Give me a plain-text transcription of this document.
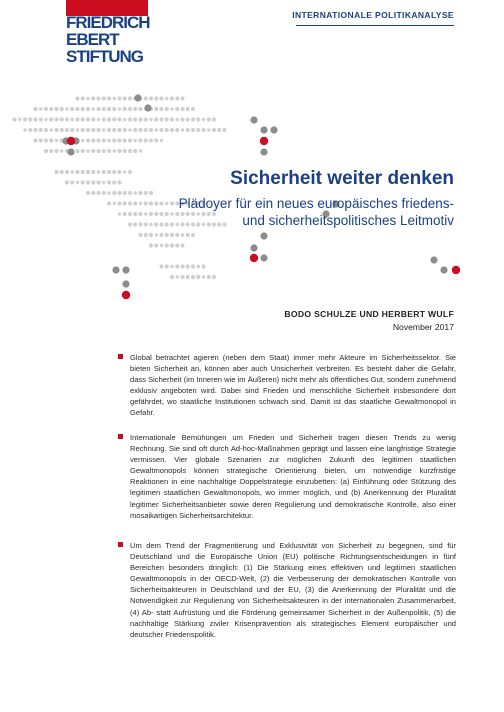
FRIEDRICH
EBERT
STIFTUNG
INTERNATIONALE POLITIKANALYSE
Sicherheit weiter denken
Plädoyer für ein neues europäisches friedens-
und sicherheitspolitisches Leitmotiv
BODO SCHULZE UND HERBERT WULF
November 2017

Global betrachtet agieren (neben dem Staat) immer mehr Akteure im Sicherheitssektor. Sie bieten Sicherheit an, können aber auch Unsicherheit verbreiten. Es besteht daher die Gefahr, dass Sicherheit (im Inneren wie im Äußeren) nicht mehr als öffentliches Gut, sondern zunehmend exklusiv angeboten wird. Dabei sind Frieden und menschliche Sicherheit insbesondere dort gefährdet, wo staatliche Institutionen schwach sind. Damit ist das staatliche Gewaltmonopol in Gefahr.

Internationale Bemühungen um Frieden und Sicherheit tragen diesen Trends zu wenig Rechnung. Sie sind oft durch Ad-hoc-Maßnahmen geprägt und lassen eine langfristige Strategie vermissen. Vier globale Szenarien zur möglichen Zukunft des legitimen staatlichen Gewaltmonopols können strategische Orientierung bieten, um notwendige kurzfristige Reaktionen in eine nachhaltige Doppelstrategie einzubetten: (a) Einführung oder Stützung des legitimen staatlichen Gewaltmonopols, wo immer möglich, und (b) Anerkennung der Pluralität legitimer Sicherheitsanbieter sowie deren Regulierung und demokratische Kontrolle, also einer mosaikartigen Sicherheitsarchitektur.

Um dem Trend der Fragmentierung und Exklusivität von Sicherheit zu begegnen, sind für Deutschland und die Europäische Union (EU) politische Richtungsentscheidungen in fünf Bereichen besonders dringlich: (1) Die Stärkung eines effektiven und legitimen staatlichen Gewaltmonopols in der OECD-Welt, (2) die Verbesserung der demokratischen Kontrolle von Sicherheitsakteuren in Deutschland und der EU, (3) die Anerkennung der Pluralität und die Notwendigkeit zur Regulierung von Sicherheitsakteuren in der internationalen Zusammenarbeit, (4) Ab- statt Aufrüstung und die Förderung gemeinsamer Sicherheit in der Außenpolitik, (5) die nachhaltige Stärkung ziviler Krisenprävention als strategisches Element europäischer und deutscher Friedenspolitik.
